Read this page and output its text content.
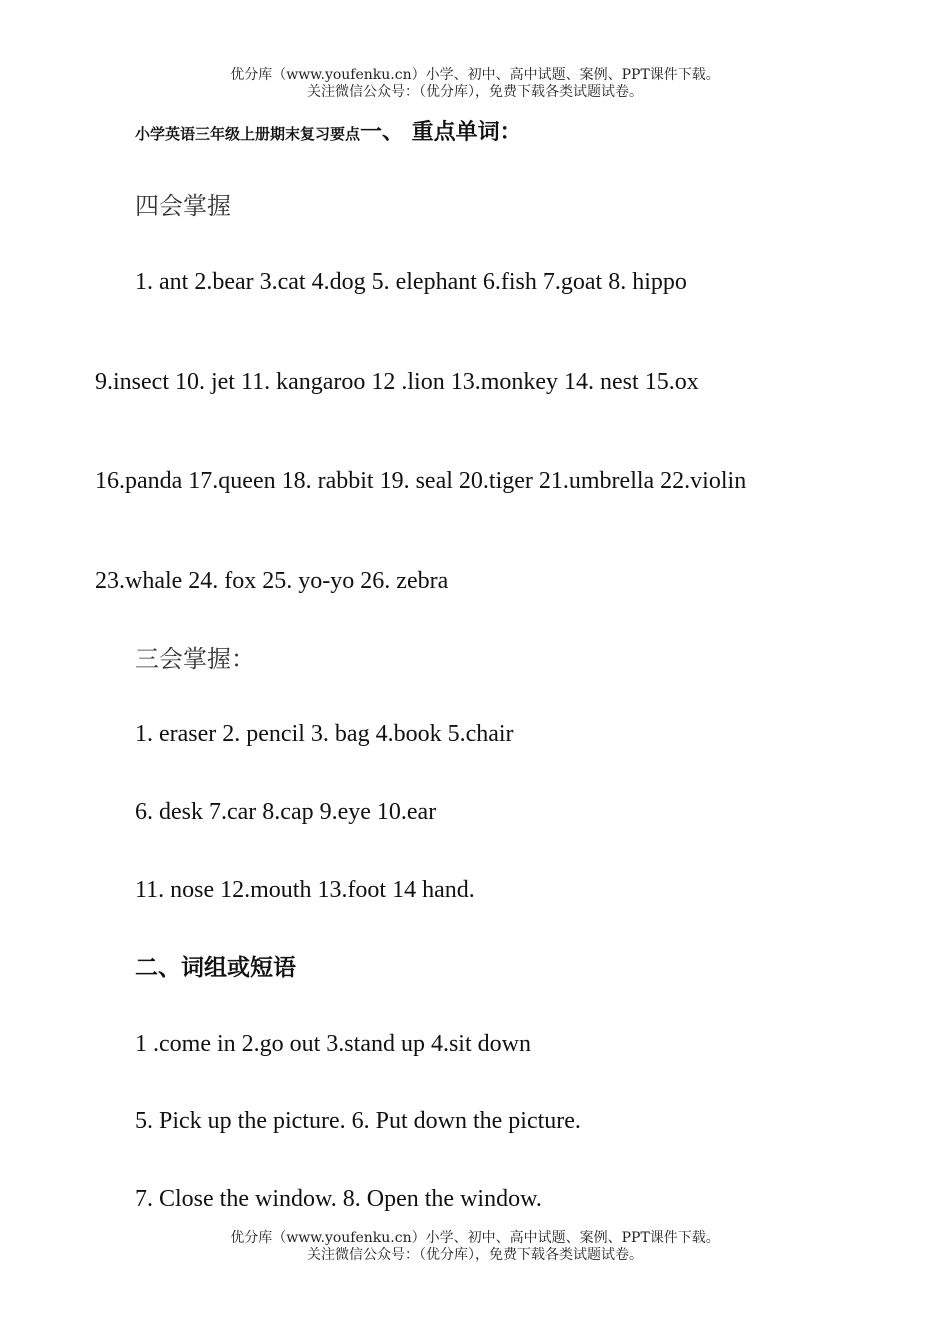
优分库（www.youfenku.cn）小学、初中、高中试题、案例、PPT课件下载。
关注微信公众号：（优分库），免费下载各类试题试卷。
小学英语三年级上册期末复习要点一、 重点单词：
四会掌握
1. ant 2.bear 3.cat 4.dog 5. elephant 6.fish 7.goat 8. hippo
9.insect 10. jet 11. kangaroo 12 .lion 13.monkey 14. nest 15.ox
16.panda 17.queen 18. rabbit 19. seal 20.tiger 21.umbrella 22.violin
23.whale 24. fox 25. yo-yo 26. zebra
三会掌握：
1. eraser 2. pencil 3. bag 4.book 5.chair
6. desk 7.car 8.cap 9.eye 10.ear
11. nose 12.mouth 13.foot 14 hand.
二、词组或短语
1 .come in 2.go out 3.stand up 4.sit down
5. Pick up the picture. 6. Put down the picture.
7. Close the window. 8. Open the window.
优分库（www.youfenku.cn）小学、初中、高中试题、案例、PPT课件下载。
关注微信公众号：（优分库），免费下载各类试题试卷。
